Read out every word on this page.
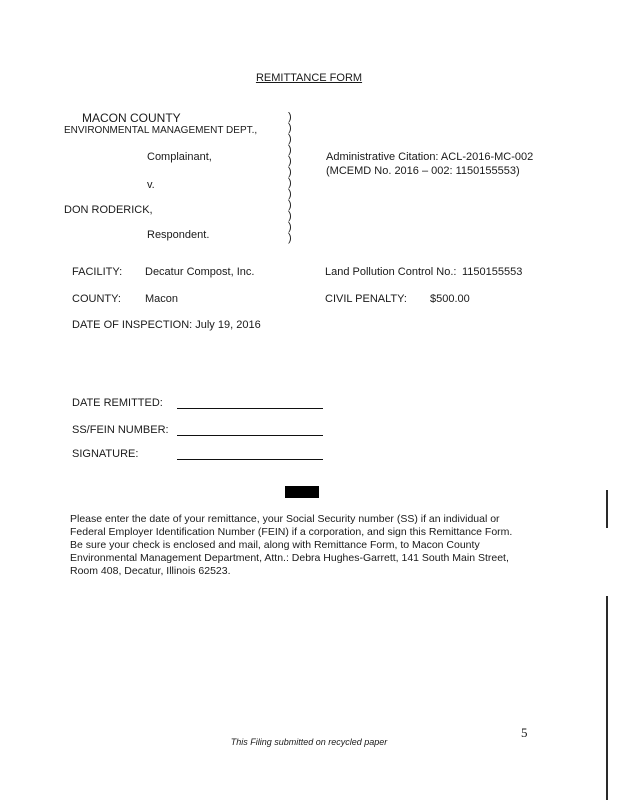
REMITTANCE FORM
MACON COUNTY
ENVIRONMENTAL MANAGEMENT DEPT.,
Complainant,
v.
DON RODERICK,
Respondent.
)
)
)
)
)
)
)
)
)
)
)
)
Administrative Citation: ACL-2016-MC-002
(MCEMD No. 2016 – 002: 1150155553)
FACILITY: Decatur Compost, Inc.	Land Pollution Control No.: 1150155553
COUNTY: Macon	CIVIL PENALTY: $500.00
DATE OF INSPECTION: July 19, 2016
DATE REMITTED:
SS/FEIN NUMBER:
SIGNATURE:
Please enter the date of your remittance, your Social Security number (SS) if an individual or
Federal Employer Identification Number (FEIN) if a corporation, and sign this Remittance Form.
Be sure your check is enclosed and mail, along with Remittance Form, to Macon County
Environmental Management Department, Attn.: Debra Hughes-Garrett, 141 South Main Street,
Room 408, Decatur, Illinois 62523.
5
This Filing submitted on recycled paper
